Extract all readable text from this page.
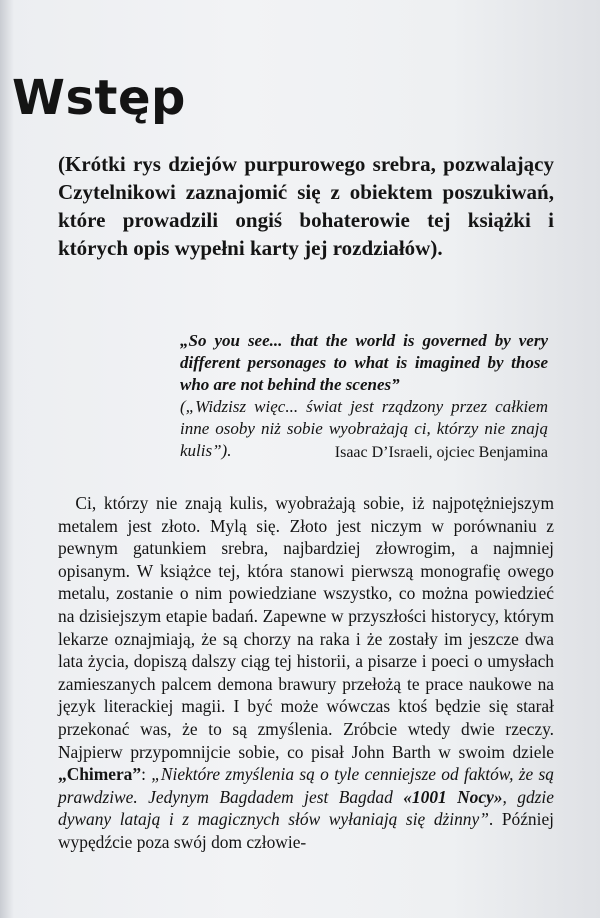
Wstęp

(Krótki rys dziejów purpurowego srebra, pozwalający Czytelnikowi zaznajomić się z obiektem poszukiwań, które prowadzili ongiś bohaterowie tej książki i których opis wypełni karty jej rozdziałów).

„So you see... that the world is governed by very different personages to what is imagined by those who are not behind the scenes”
(„Widzisz więc... świat jest rządzony przez całkiem inne osoby niż sobie wyobrażają ci, którzy nie znają kulis”).	Isaac D’Israeli, ojciec Benjamina

 Ci, którzy nie znają kulis, wyobrażają sobie, iż najpotężniejszym metalem jest złoto. Mylą się. Złoto jest niczym w porównaniu z pewnym gatunkiem srebra, najbardziej złowrogim, a najmniej opisanym. W książce tej, która stanowi pierwszą monografię owego metalu, zostanie o nim powiedziane wszystko, co można powiedzieć na dzisiejszym etapie badań. Zapewne w przyszłości historycy, którym lekarze oznajmiają, że są chorzy na raka i że zostały im jeszcze dwa lata życia, dopiszą dalszy ciąg tej historii, a pisarze i poeci o umysłach zamieszanych palcem demona brawury przełożą te prace naukowe na język literackiej magii. I być może wówczas ktoś będzie się starał przekonać was, że to są zmyślenia. Zróbcie wtedy dwie rzeczy. Najpierw przypomnijcie sobie, co pisał John Barth w swoim dziele „Chimera”: „Niektóre zmyślenia są o tyle cenniejsze od faktów, że są prawdziwe. Jedynym Bagdadem jest Bagdad «1001 Nocy», gdzie dywany latają i z magicznych słów wyłaniają się dżinny”. Później wypędźcie poza swój dom człowie-
